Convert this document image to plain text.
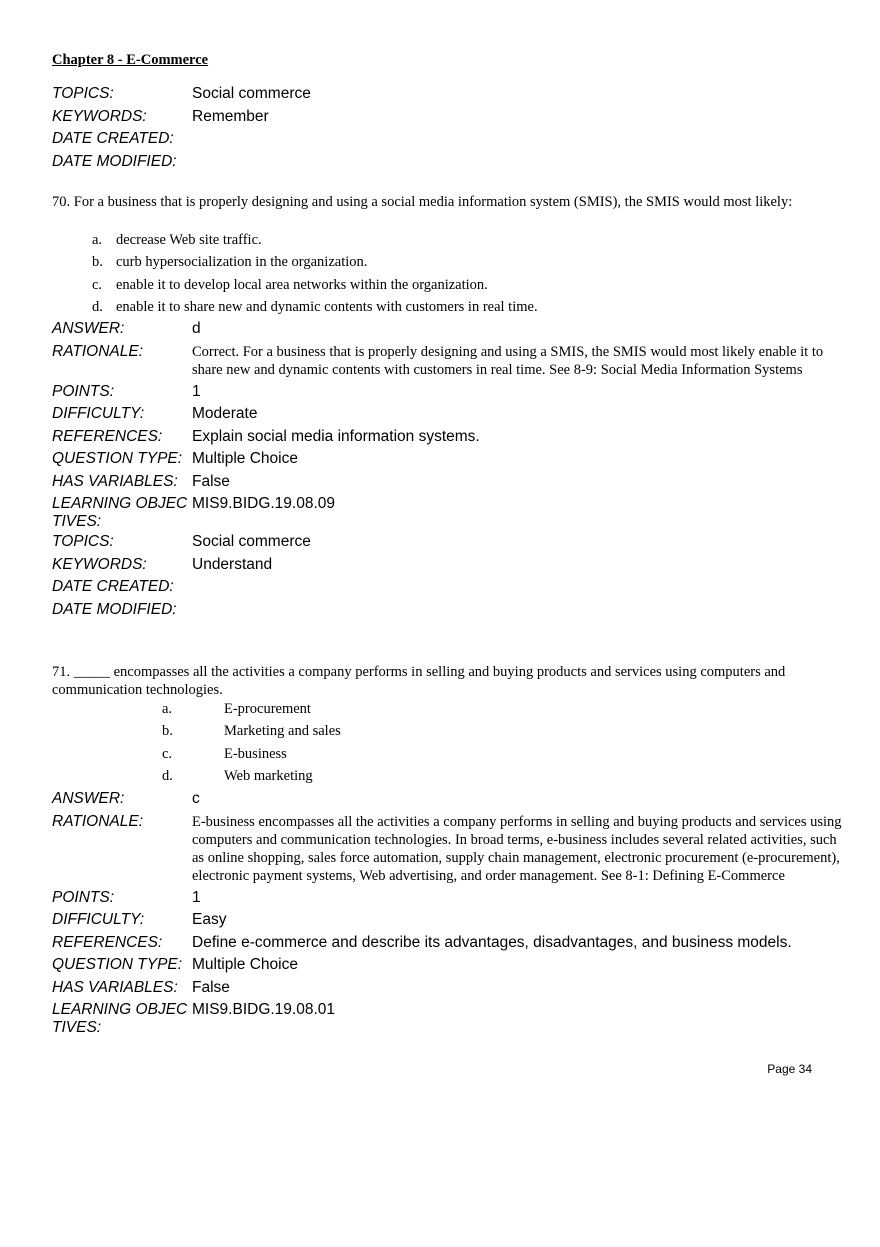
Chapter 8 - E-Commerce
TOPICS:	Social commerce
KEYWORDS:	Remember
DATE CREATED:
DATE MODIFIED:
70. For a business that is properly designing and using a social media information system (SMIS), the SMIS would most likely:
a. decrease Web site traffic.
b. curb hypersocialization in the organization.
c. enable it to develop local area networks within the organization.
d. enable it to share new and dynamic contents with customers in real time.
ANSWER:	d
RATIONALE:	Correct. For a business that is properly designing and using a SMIS, the SMIS would most likely enable it to share new and dynamic contents with customers in real time. See 8-9: Social Media Information Systems
POINTS:	1
DIFFICULTY:	Moderate
REFERENCES:	Explain social media information systems.
QUESTION TYPE: Multiple Choice
HAS VARIABLES: False
LEARNING OBJEC
TIVES:
MIS9.BIDG.19.08.09
TOPICS:	Social commerce
KEYWORDS:	Understand
DATE CREATED:
DATE MODIFIED:
71. _____ encompasses all the activities a company performs in selling and buying products and services using computers and communication technologies.
a.	E-procurement
b.	Marketing and sales
c.	E-business
d.	Web marketing
ANSWER:	c
RATIONALE:	E-business encompasses all the activities a company performs in selling and buying products and services using computers and communication technologies. In broad terms, e-business includes several related activities, such as online shopping, sales force automation, supply chain management, electronic procurement (e-procurement), electronic payment systems, Web advertising, and order management. See 8-1: Defining E-Commerce
POINTS:	1
DIFFICULTY:	Easy
REFERENCES:	Define e-commerce and describe its advantages, disadvantages, and business models.
QUESTION TYPE: Multiple Choice
HAS VARIABLES: False
LEARNING OBJEC
TIVES:
MIS9.BIDG.19.08.01
Page 34
